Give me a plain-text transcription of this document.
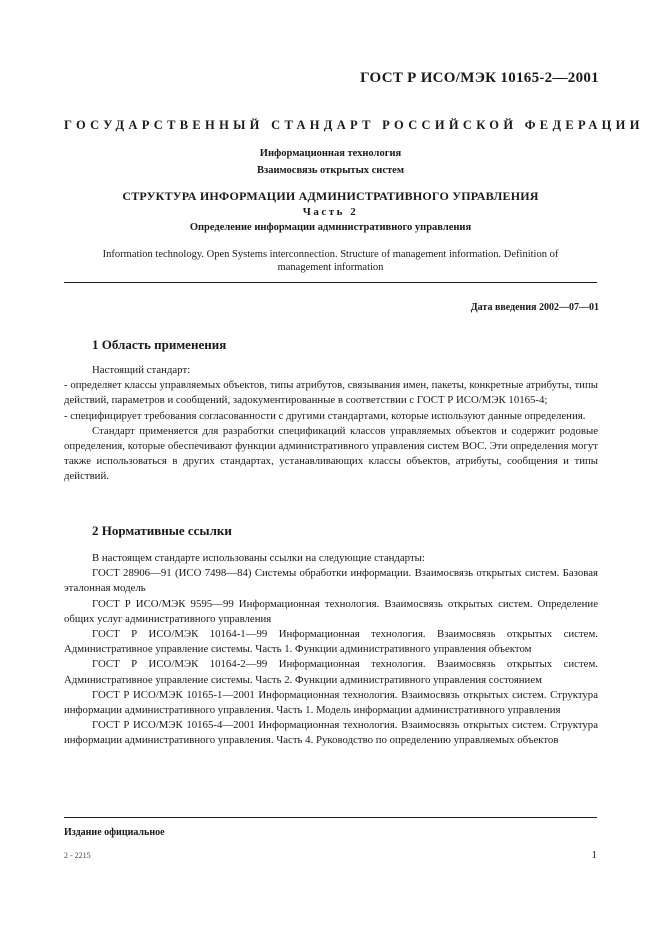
ГОСТ Р ИСО/МЭК 10165-2—2001
ГОСУДАРСТВЕННЫЙ СТАНДАРТ РОССИЙСКОЙ ФЕДЕРАЦИИ
Информационная технология
Взаимосвязь открытых систем
СТРУКТУРА ИНФОРМАЦИИ АДМИНИСТРАТИВНОГО УПРАВЛЕНИЯ
Часть 2
Определение информации административного управления
Information technology. Open Systems interconnection. Structure of management information. Definition of management information
Дата введения 2002—07—01
1 Область применения

Настоящий стандарт:

- определяет классы управляемых объектов, типы атрибутов, связывания имен, пакеты, конкретные атрибуты, типы действий, параметров и сообщений, задокументированные в соответствии с ГОСТ Р ИСО/МЭК 10165-4;

- специфицирует требования согласованности с другими стандартами, которые используют данные определения.

Стандарт применяется для разработки спецификаций классов управляемых объектов и содержит родовые определения, которые обеспечивают функции административного управления систем ВОС. Эти определения могут также использоваться в других стандартах, устанавливающих классы объектов, атрибуты, сообщения и типы действий.

2 Нормативные ссылки

В настоящем стандарте использованы ссылки на следующие стандарты:

ГОСТ 28906—91 (ИСО 7498—84) Системы обработки информации. Взаимосвязь открытых систем. Базовая эталонная модель

ГОСТ Р ИСО/МЭК 9595—99 Информационная технология. Взаимосвязь открытых систем. Определение общих услуг административного управления

ГОСТ Р ИСО/МЭК 10164-1—99 Информационная технология. Взаимосвязь открытых систем. Административное управление системы. Часть 1. Функции административного управления объектом

ГОСТ Р ИСО/МЭК 10164-2—99 Информационная технология. Взаимосвязь открытых систем. Административное управление системы. Часть 2. Функции административного управления состоянием

ГОСТ Р ИСО/МЭК 10165-1—2001 Информационная технология. Взаимосвязь открытых систем. Структура информации административного управления. Часть 1. Модель информации административного управления

ГОСТ Р ИСО/МЭК 10165-4—2001 Информационная технология. Взаимосвязь открытых систем. Структура информации административного управления. Часть 4. Руководство по определению управляемых объектов

Издание официальное
2 - 2215	1
